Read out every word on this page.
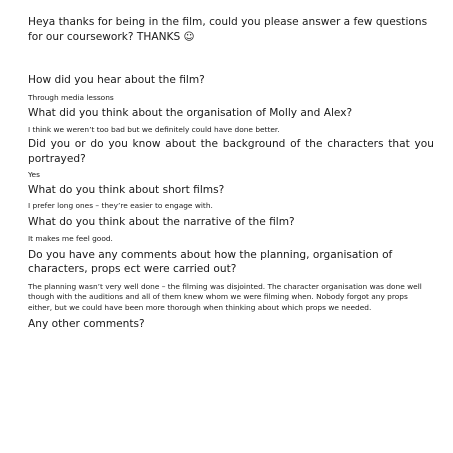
Heya thanks for being in the film, could you please answer a few questions for our coursework? THANKS ☺

How did you hear about the film?

Through media lessons

What did you think about the organisation of Molly and Alex?

I think we weren’t too bad but we definitely could have done better.

Did you or do you know about the background of the characters that you portrayed?

Yes

What do you think about short films?

I prefer long ones – they’re easier to engage with.

What do you think about the narrative of the film?

It makes me feel good.

Do you have any comments about how the planning, organisation of characters, props ect were carried out?

The planning wasn’t very well done – the filming was disjointed. The character organisation was done well though with the auditions and all of them knew whom we were filming when. Nobody forgot any props either, but we could have been more thorough when thinking about which props we needed.

Any other comments?
